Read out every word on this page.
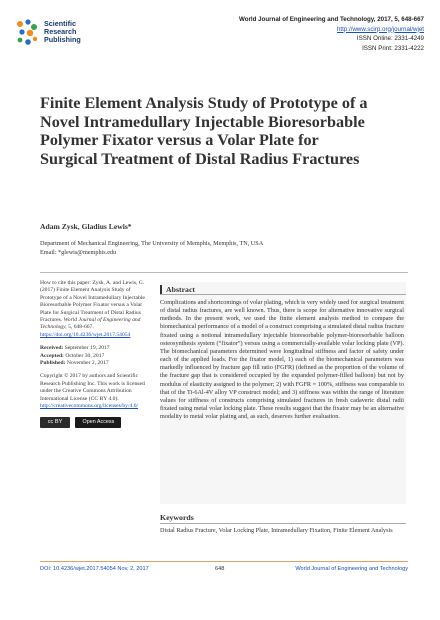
Scientific
Research
Publishing
World Journal of Engineering and Technology, 2017, 5, 648-667
http://www.scirp.org/journal/wjet
ISSN Online: 2331-4249
ISSN Print: 2331-4222
Finite Element Analysis Study of Prototype of a Novel Intramedullary Injectable Bioresorbable Polymer Fixator versus a Volar Plate for Surgical Treatment of Distal Radius Fractures
Adam Zysk, Gladius Lewis*
Department of Mechanical Engineering, The University of Memphis, Memphis, TN, USA
Email: *glewis@memphis.edu

How to cite this paper: Zysk, A. and Lewis, G. (2017) Finite Element Analysis Study of Prototype of a Novel Intramedullary Injectable Bioresorbable Polymer Fixator versus a Volar Plate for Surgical Treatment of Distal Radius Fractures. World Journal of Engineering and Technology, 5, 648-667. https://doi.org/10.4236/wjet.2017.54054

Received: September 19, 2017
Accepted: October 30, 2017
Published: November 2, 2017

Copyright © 2017 by authors and Scientific Research Publishing Inc. This work is licensed under the Creative Commons Attribution International License (CC BY 4.0).
http://creativecommons.org/licenses/by/4.0/

cc BY	Open Access
Abstract
Complications and shortcomings of volar plating, which is very widely used for surgical treatment of distal radius fractures, are well known. Thus, there is scope for alternative innovative surgical methods. In the present work, we used the finite element analysis method to compare the biomechanical performance of a model of a construct comprising a simulated distal radius fracture fixated using a notional intramedullary injectable bioresorbable polymer-bioresorbable balloon osteosynthesis system (“fixator”) versus using a commercially-available volar locking plate (VP). The biomechanical parameters determined were longitudinal stiffness and factor of safety under each of the applied loads. For the fixator model, 1) each of the biomechanical parameters was markedly influenced by fracture gap fill ratio (FGFR) (defined as the proportion of the volume of the fracture gap that is considered occupied by the expanded polymer-filled balloon) but not by modulus of elasticity assigned to the polymer; 2) with FGFR = 100%, stiffness was comparable to that of the Ti-6Al-4V alloy VP construct model; and 3) stiffness was within the range of literature values for stiffness of constructs comprising simulated fractures in fresh cadaveric distal radii fixated using metal volar locking plate. These results suggest that the fixator may be an alternative modality to metal volar plating and, as such, deserves further evaluation.
Keywords
Distal Radius Fracture, Volar Locking Plate, Intramedullary Fixation, Finite Element Analysis
DOI: 10.4236/wjet.2017.54054 Nov. 2, 2017	648	World Journal of Engineering and Technology
